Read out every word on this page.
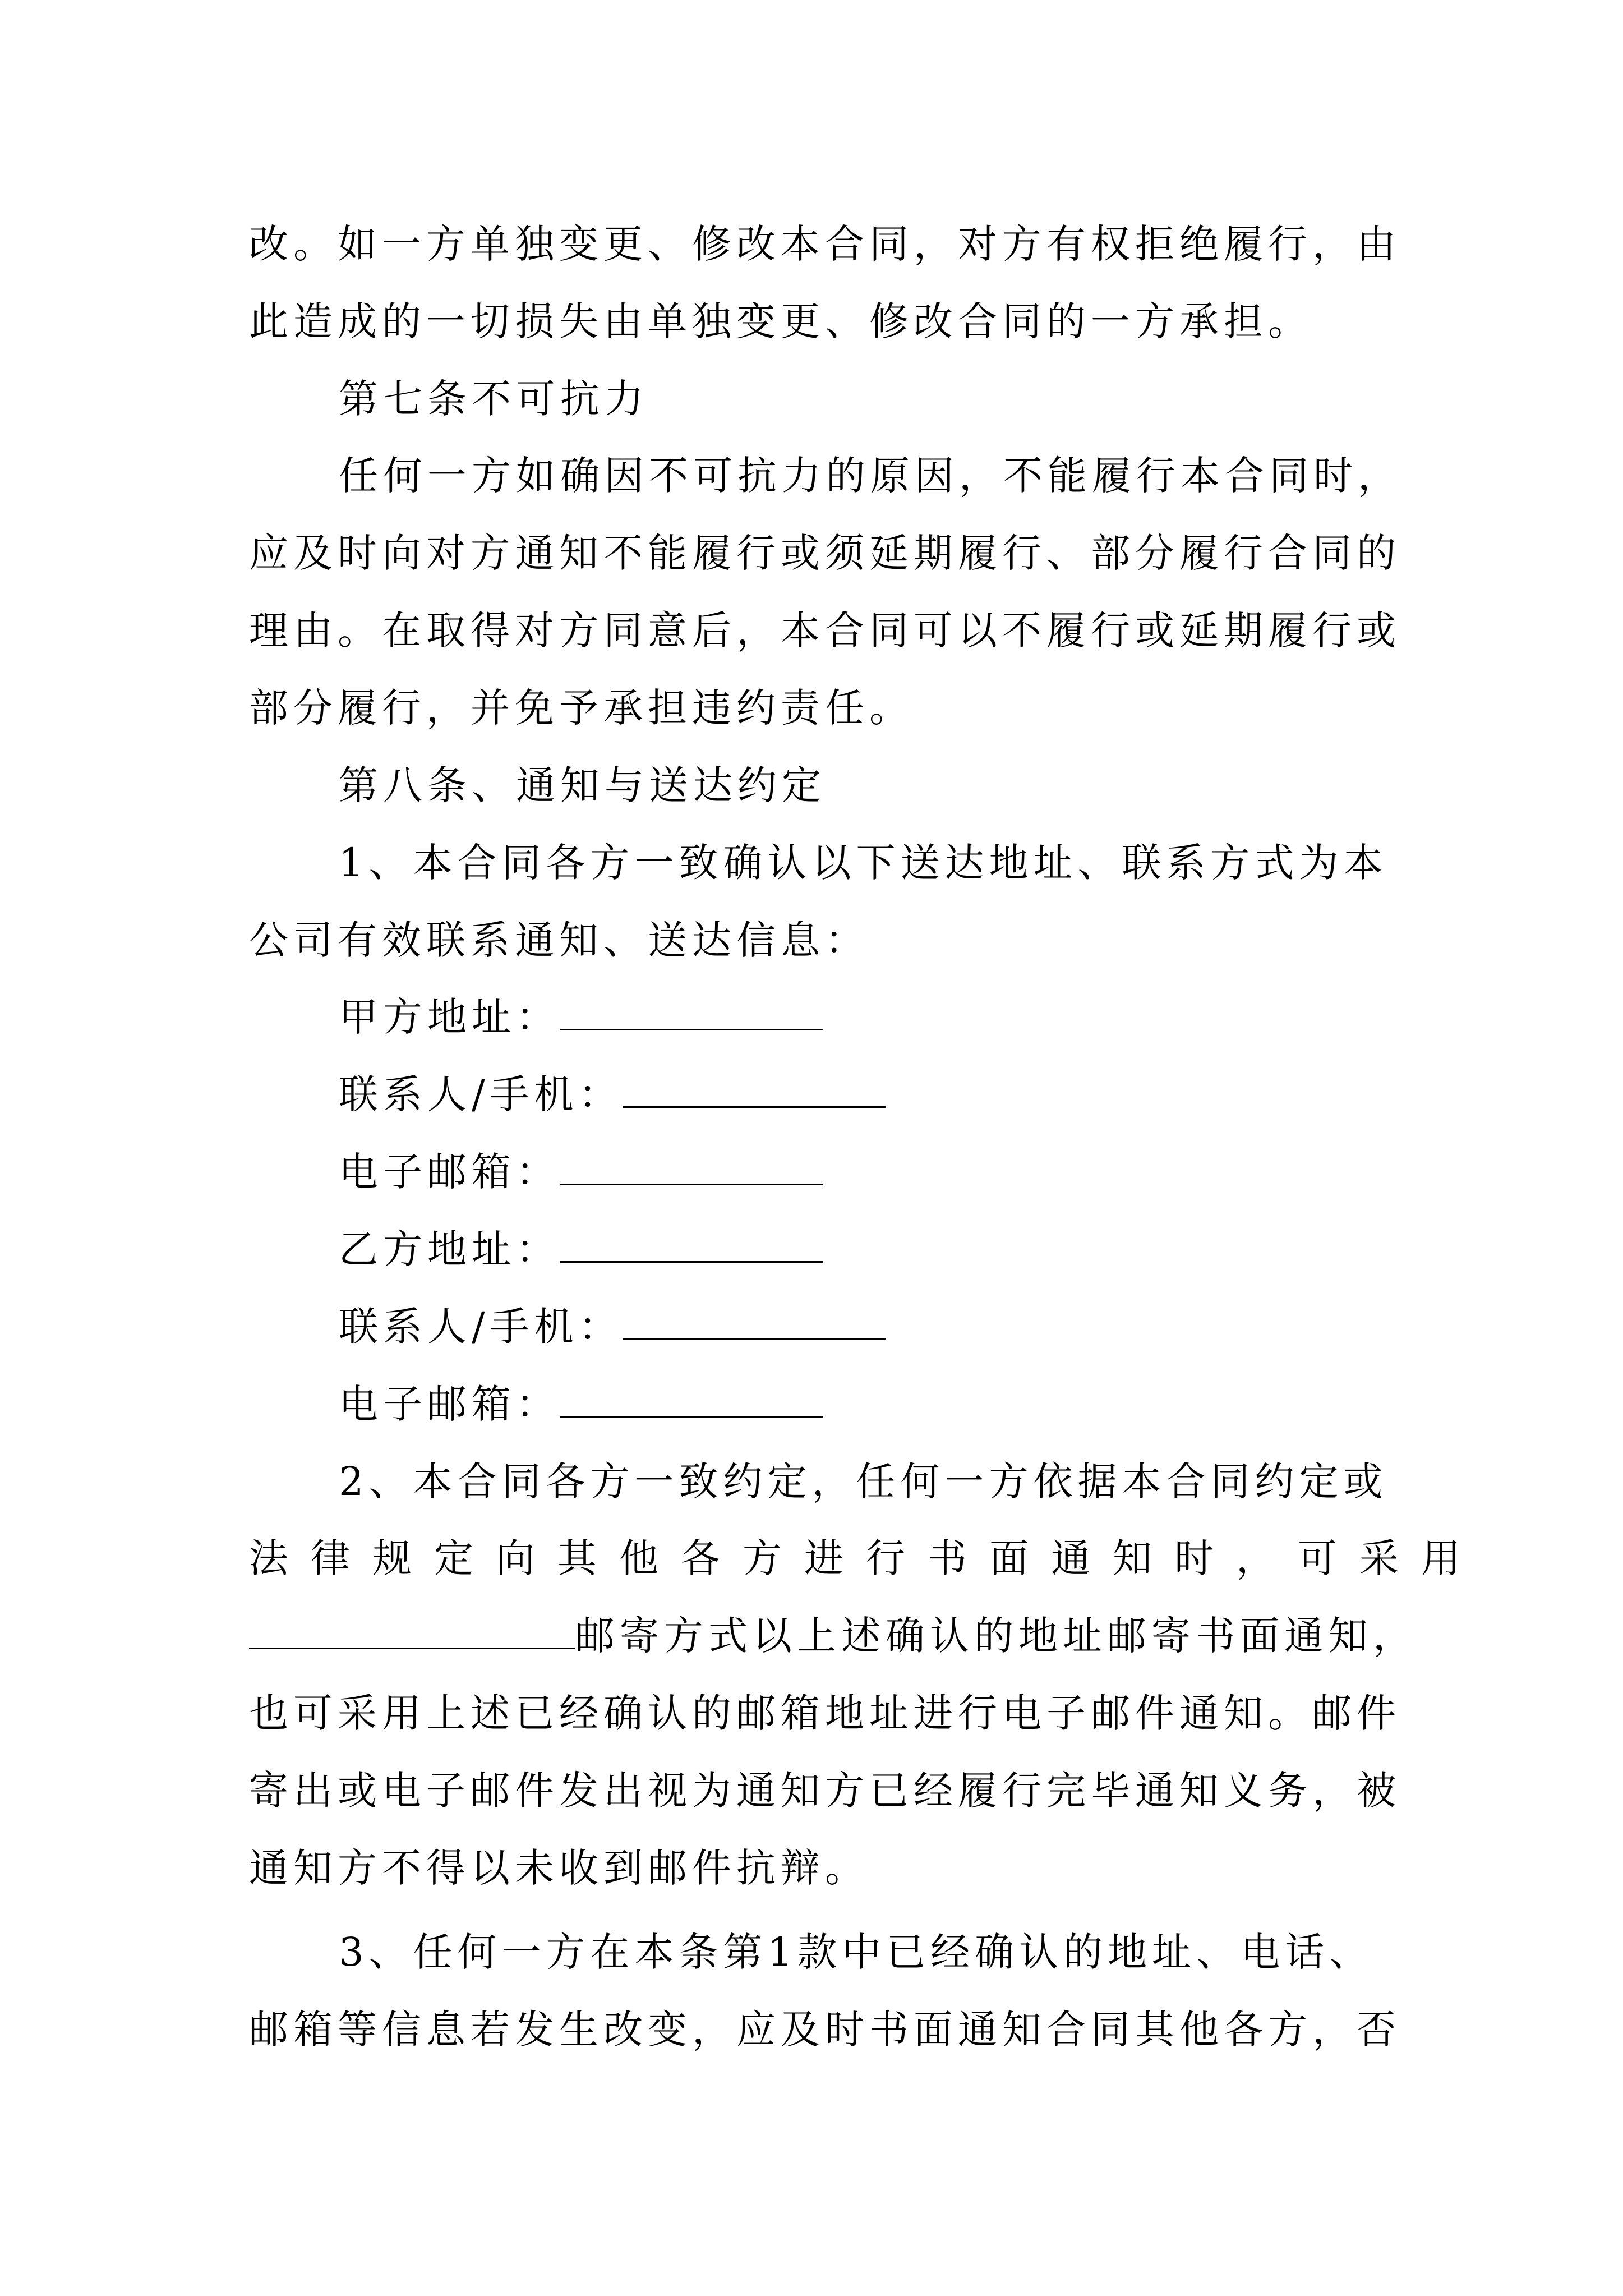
改。如一方单独变更、修改本合同，对方有权拒绝履行，由
此造成的一切损失由单独变更、修改合同的一方承担。
第七条不可抗力
任何一方如确因不可抗力的原因，不能履行本合同时，
应及时向对方通知不能履行或须延期履行、部分履行合同的
理由。在取得对方同意后，本合同可以不履行或延期履行或
部分履行，并免予承担违约责任。
第八条、通知与送达约定
1、本合同各方一致确认以下送达地址、联系方式为本
公司有效联系通知、送达信息：
甲方地址：
联系人/手机：
电子邮箱：
乙方地址：
联系人/手机：
电子邮箱：
2、本合同各方一致约定，任何一方依据本合同约定或
法律规定向其他各方进行书面通知时，可采用
邮寄方式以上述确认的地址邮寄书面通知，
也可采用上述已经确认的邮箱地址进行电子邮件通知。邮件
寄出或电子邮件发出视为通知方已经履行完毕通知义务，被
通知方不得以未收到邮件抗辩。
3、任何一方在本条第1款中已经确认的地址、电话、
邮箱等信息若发生改变，应及时书面通知合同其他各方，否
